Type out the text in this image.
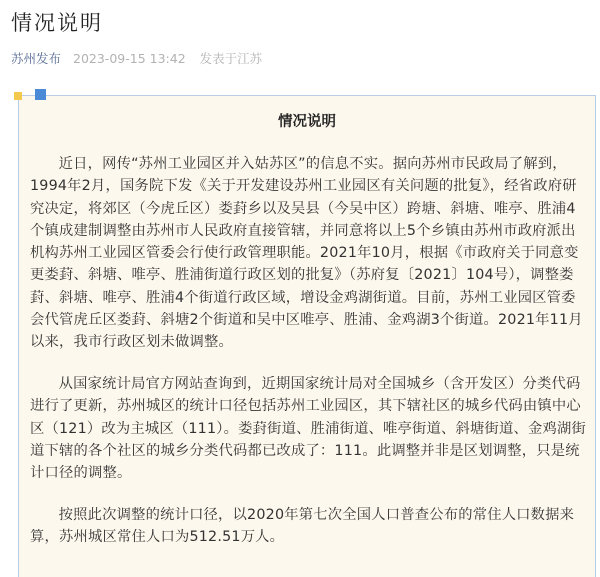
情况说明
苏州发布 2023-09-15 13:42 发表于江苏
情况说明

近日，网传“苏州工业园区并入姑苏区”的信息不实。据向苏州市民政局了解到，1994年2月，国务院下发《关于开发建设苏州工业园区有关问题的批复》，经省政府研究决定，将郊区（今虎丘区）娄葑乡以及吴县（今吴中区）跨塘、斜塘、唯亭、胜浦4个镇成建制调整由苏州市人民政府直接管辖，并同意将以上5个乡镇由苏州市政府派出机构苏州工业园区管委会行使行政管理职能。2021年10月，根据《市政府关于同意变更娄葑、斜塘、唯亭、胜浦街道行政区划的批复》（苏府复〔2021〕104号），调整娄葑、斜塘、唯亭、胜浦4个街道行政区域，增设金鸡湖街道。目前，苏州工业园区管委会代管虎丘区娄葑、斜塘2个街道和吴中区唯亭、胜浦、金鸡湖3个街道。2021年11月以来，我市行政区划未做调整。

从国家统计局官方网站查询到，近期国家统计局对全国城乡（含开发区）分类代码进行了更新，苏州城区的统计口径包括苏州工业园区，其下辖社区的城乡代码由镇中心区（121）改为主城区（111）。娄葑街道、胜浦街道、唯亭街道、斜塘街道、金鸡湖街道下辖的各个社区的城乡分类代码都已改成了：111。此调整并非是区划调整，只是统计口径的调整。

按照此次调整的统计口径，以2020年第七次全国人口普查公布的常住人口数据来算，苏州城区常住人口为512.51万人。
